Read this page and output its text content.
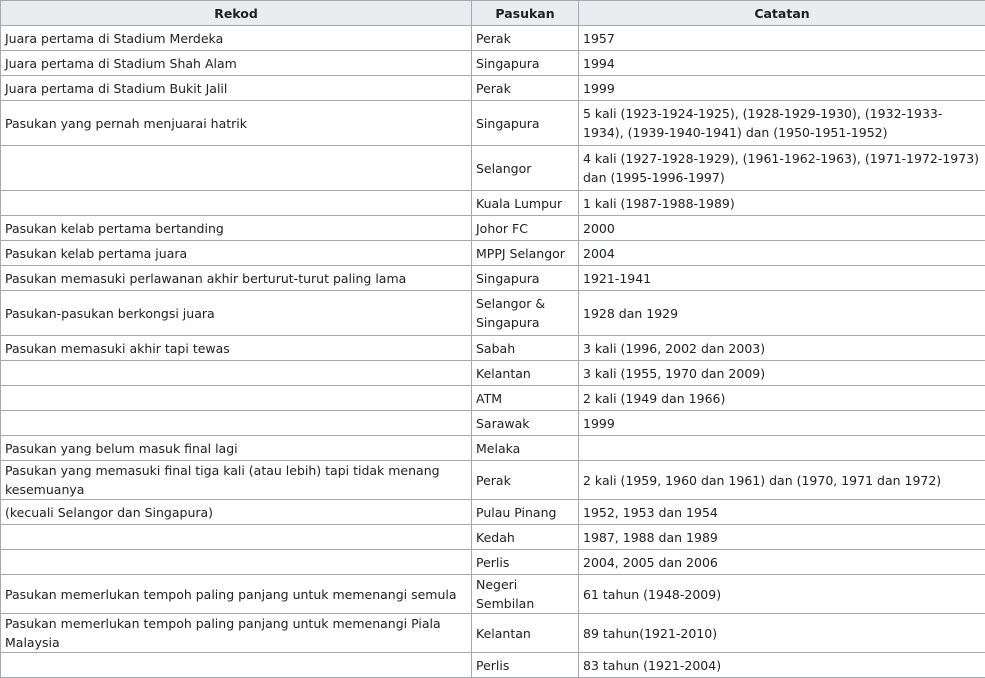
Rekod	Pasukan	Catatan
Juara pertama di Stadium Merdeka	Perak	1957
Juara pertama di Stadium Shah Alam	Singapura	1994
Juara pertama di Stadium Bukit Jalil	Perak	1999
Pasukan yang pernah menjuarai hatrik	Singapura	5 kali (1923-1924-1925), (1928-1929-1930), (1932-1933-1934), (1939-1940-1941) dan (1950-1951-1952)
	Selangor	4 kali (1927-1928-1929), (1961-1962-1963), (1971-1972-1973) dan (1995-1996-1997)
	Kuala Lumpur	1 kali (1987-1988-1989)
Pasukan kelab pertama bertanding	Johor FC	2000
Pasukan kelab pertama juara	MPPJ Selangor	2004
Pasukan memasuki perlawanan akhir berturut-turut paling lama	Singapura	1921-1941
Pasukan-pasukan berkongsi juara	Selangor & Singapura	1928 dan 1929
Pasukan memasuki akhir tapi tewas	Sabah	3 kali (1996, 2002 dan 2003)
	Kelantan	3 kali (1955, 1970 dan 2009)
	ATM	2 kali (1949 dan 1966)
	Sarawak	1999
Pasukan yang belum masuk final lagi	Melaka	
Pasukan yang memasuki final tiga kali (atau lebih) tapi tidak menang kesemuanya	Perak	2 kali (1959, 1960 dan 1961) dan (1970, 1971 dan 1972)
(kecuali Selangor dan Singapura)	Pulau Pinang	1952, 1953 dan 1954
	Kedah	1987, 1988 dan 1989
	Perlis	2004, 2005 dan 2006
Pasukan memerlukan tempoh paling panjang untuk memenangi semula	Negeri Sembilan	61 tahun (1948-2009)
Pasukan memerlukan tempoh paling panjang untuk memenangi Piala Malaysia	Kelantan	89 tahun(1921-2010)
	Perlis	83 tahun (1921-2004)
